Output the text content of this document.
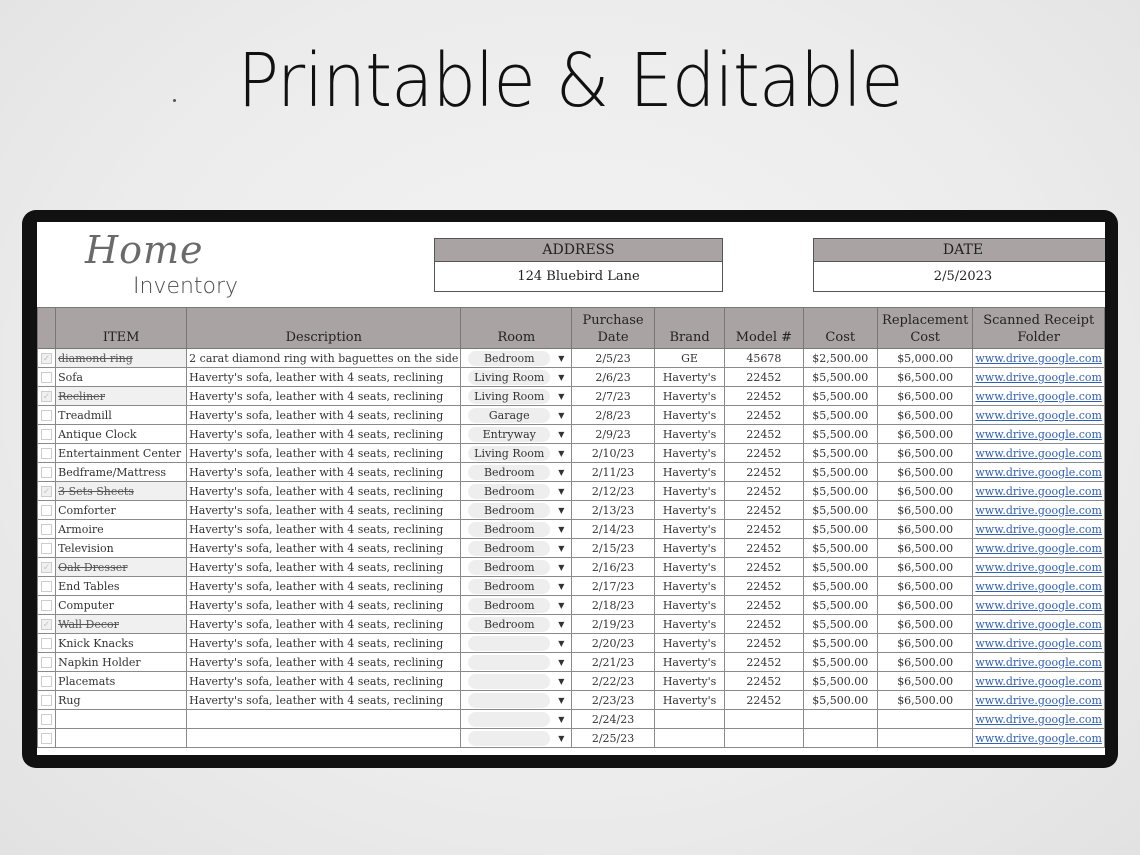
Printable & Editable
Home
Inventory
ADDRESS
124 Bluebird Lane
DATE
2/5/2023
	ITEM	Description	Room	Purchase Date	Brand	Model #	Cost	Replacement Cost	Scanned Receipt Folder
✓	diamond ring	2 carat diamond ring with baguettes on the side	Bedroom ▼	2/5/23	GE	45678	$2,500.00	$5,000.00	www.drive.google.com
	Sofa	Haverty's sofa, leather with 4 seats, reclining	Living Room ▼	2/6/23	Haverty's	22452	$5,500.00	$6,500.00	www.drive.google.com
✓	Recliner	Haverty's sofa, leather with 4 seats, reclining	Living Room ▼	2/7/23	Haverty's	22452	$5,500.00	$6,500.00	www.drive.google.com
	Treadmill	Haverty's sofa, leather with 4 seats, reclining	Garage ▼	2/8/23	Haverty's	22452	$5,500.00	$6,500.00	www.drive.google.com
	Antique Clock	Haverty's sofa, leather with 4 seats, reclining	Entryway ▼	2/9/23	Haverty's	22452	$5,500.00	$6,500.00	www.drive.google.com
	Entertainment Center	Haverty's sofa, leather with 4 seats, reclining	Living Room ▼	2/10/23	Haverty's	22452	$5,500.00	$6,500.00	www.drive.google.com
	Bedframe/Mattress	Haverty's sofa, leather with 4 seats, reclining	Bedroom ▼	2/11/23	Haverty's	22452	$5,500.00	$6,500.00	www.drive.google.com
✓	3 Sets Sheets	Haverty's sofa, leather with 4 seats, reclining	Bedroom ▼	2/12/23	Haverty's	22452	$5,500.00	$6,500.00	www.drive.google.com
	Comforter	Haverty's sofa, leather with 4 seats, reclining	Bedroom ▼	2/13/23	Haverty's	22452	$5,500.00	$6,500.00	www.drive.google.com
	Armoire	Haverty's sofa, leather with 4 seats, reclining	Bedroom ▼	2/14/23	Haverty's	22452	$5,500.00	$6,500.00	www.drive.google.com
	Television	Haverty's sofa, leather with 4 seats, reclining	Bedroom ▼	2/15/23	Haverty's	22452	$5,500.00	$6,500.00	www.drive.google.com
✓	Oak Dresser	Haverty's sofa, leather with 4 seats, reclining	Bedroom ▼	2/16/23	Haverty's	22452	$5,500.00	$6,500.00	www.drive.google.com
	End Tables	Haverty's sofa, leather with 4 seats, reclining	Bedroom ▼	2/17/23	Haverty's	22452	$5,500.00	$6,500.00	www.drive.google.com
	Computer	Haverty's sofa, leather with 4 seats, reclining	Bedroom ▼	2/18/23	Haverty's	22452	$5,500.00	$6,500.00	www.drive.google.com
✓	Wall Decor	Haverty's sofa, leather with 4 seats, reclining	Bedroom ▼	2/19/23	Haverty's	22452	$5,500.00	$6,500.00	www.drive.google.com
	Knick Knacks	Haverty's sofa, leather with 4 seats, reclining	▼	2/20/23	Haverty's	22452	$5,500.00	$6,500.00	www.drive.google.com
	Napkin Holder	Haverty's sofa, leather with 4 seats, reclining	▼	2/21/23	Haverty's	22452	$5,500.00	$6,500.00	www.drive.google.com
	Placemats	Haverty's sofa, leather with 4 seats, reclining	▼	2/22/23	Haverty's	22452	$5,500.00	$6,500.00	www.drive.google.com
	Rug	Haverty's sofa, leather with 4 seats, reclining	▼	2/23/23	Haverty's	22452	$5,500.00	$6,500.00	www.drive.google.com
			▼	2/24/23					www.drive.google.com
			▼	2/25/23					www.drive.google.com
